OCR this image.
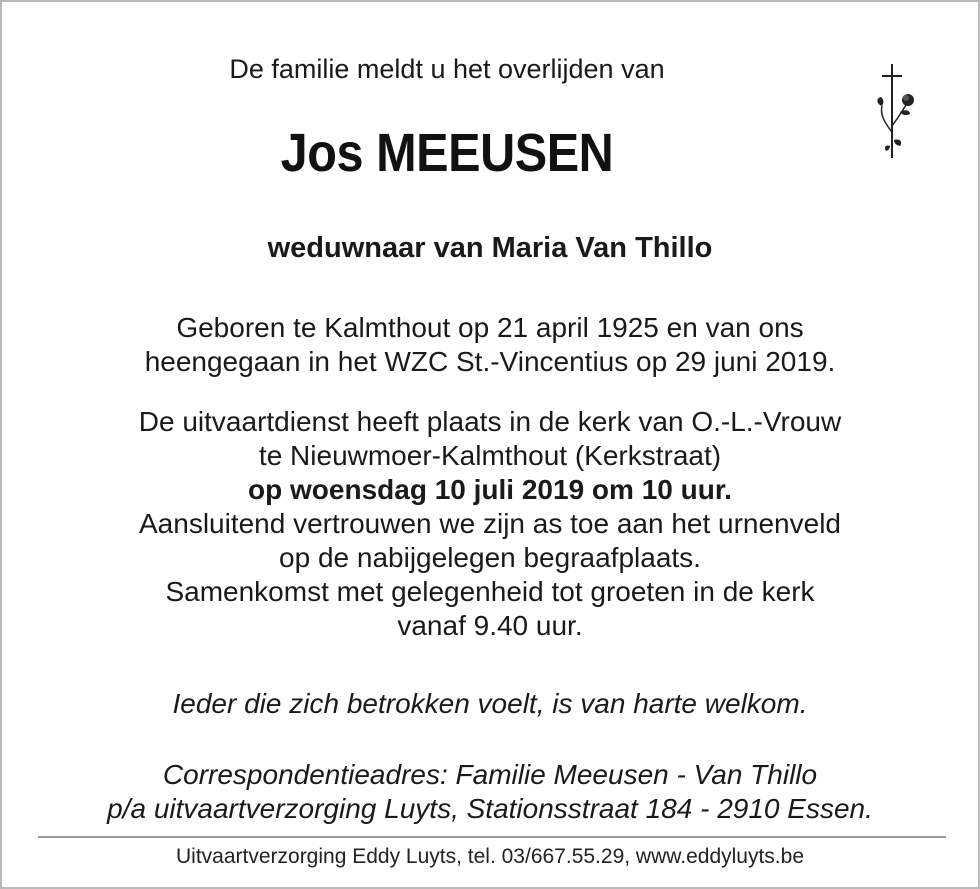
De familie meldt u het overlijden van
Jos MEEUSEN
weduwnaar van Maria Van Thillo
Geboren te Kalmthout op 21 april 1925 en van ons
heengegaan in het WZC St.-Vincentius op 29 juni 2019.
De uitvaartdienst heeft plaats in de kerk van O.-L.-Vrouw
te Nieuwmoer-Kalmthout (Kerkstraat)
op woensdag 10 juli 2019 om 10 uur.
Aansluitend vertrouwen we zijn as toe aan het urnenveld
op de nabijgelegen begraafplaats.
Samenkomst met gelegenheid tot groeten in de kerk
vanaf 9.40 uur.
Ieder die zich betrokken voelt, is van harte welkom.
Correspondentieadres: Familie Meeusen - Van Thillo
p/a uitvaartverzorging Luyts, Stationsstraat 184 - 2910 Essen.
Uitvaartverzorging Eddy Luyts, tel. 03/667.55.29, www.eddyluyts.be
